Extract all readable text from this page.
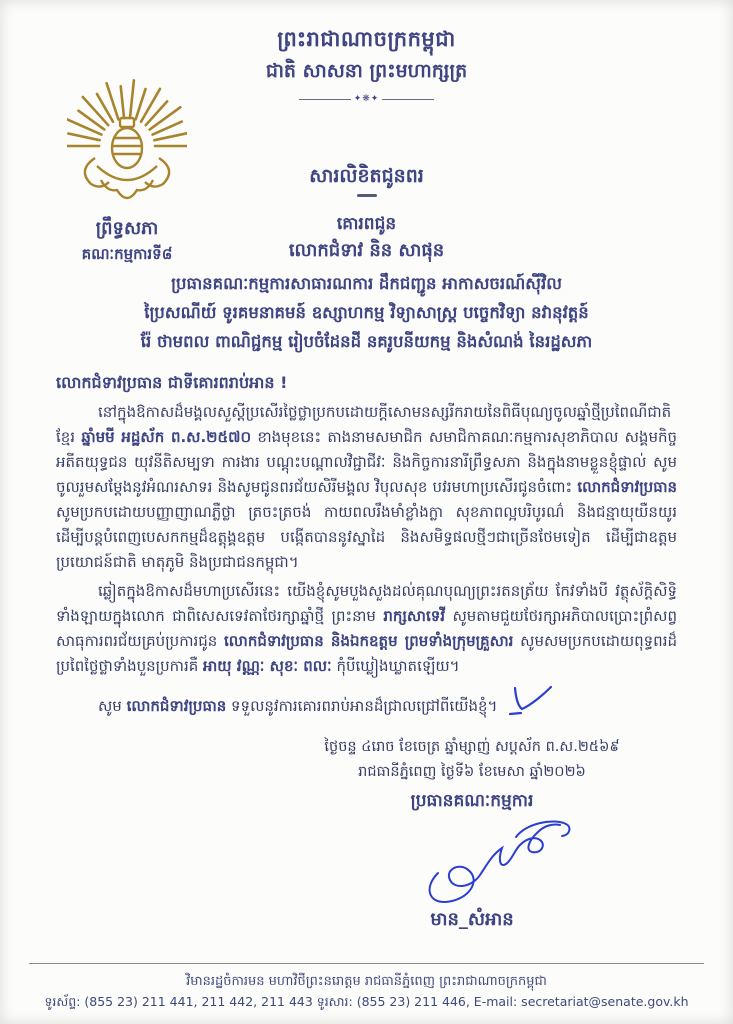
ព្រះរាជាណាចក្រកម្ពុជា
ជាតិ សាសនា ព្រះមហាក្សត្រ
✦❋✦
ព្រឹទ្ធសភា
គណៈកម្មការទី៨
សារលិខិតជូនពរ
គោរពជូន
លោកជំទាវ និន សាផុន
ប្រធានគណៈកម្មការសាធារណការ ដឹកជញ្ជូន អាកាសចរណ៍ស៊ីវិល
ប្រៃសណីយ៍ ទូរគមនាគមន៍ ឧស្សាហកម្ម វិទ្យាសាស្ត្រ បច្ចេកវិទ្យា នវានុវត្តន៍
រ៉ែ ថាមពល ពាណិជ្ជកម្ម រៀបចំដែនដី នគរូបនីយកម្ម និងសំណង់ នៃរដ្ឋសភា
លោកជំទាវប្រធាន ជាទីគោរពរាប់អាន !

នៅក្នុងឱកាសដ៏មង្គលសួស្ដីប្រសើរថ្លៃថ្លាប្រកបដោយក្ដីសោមនស្សរីករាយនៃពិធីបុណ្យចូលឆ្នាំថ្មីប្រពៃណីជាតិខ្មែរ ឆ្នាំមមី អដ្ឋស័ក ព.ស.២៥៧០ ខាងមុខនេះ តាងនាមសមាជិក សមាជិកាគណៈកម្មការសុខាភិបាល សង្គមកិច្ច អតីតយុទ្ធជន យុវនីតិសម្បទា ការងារ បណ្ដុះបណ្ដាលវិជ្ជាជីវៈ និងកិច្ចការនារីព្រឹទ្ធសភា និងក្នុងនាមខ្លួនខ្ញុំផ្ទាល់ សូមចូលរួមសម្ដែងនូវអំណរសាទរ និងសូមជូនពរជ័យសិរីមង្គល វិបុលសុខ បវរមហាប្រសើរជូនចំពោះ លោកជំទាវប្រធាន សូមប្រកបដោយបញ្ញាញាណភ្លឺថ្លា ត្រចះត្រចង់ កាយពលរឹងមាំខ្លាំងក្លា សុខភាពល្អបរិបូរណ៌ និងជន្មាយុយឺនយូរ ដើម្បីបន្តបំពេញបេសកកម្មដ៏ឧត្ដុង្គឧត្ដម បង្កើតបាននូវស្នាដៃ និងសមិទ្ធផលថ្មីៗជាច្រើនថែមទៀត ដើម្បីជាឧត្ដមប្រយោជន៍ជាតិ មាតុភូមិ និងប្រជាជនកម្ពុជា។

ឆ្លៀតក្នុងឱកាសដ៏មហាប្រសើរនេះ យើងខ្ញុំសូមបួងសួងដល់គុណបុណ្យព្រះរតនត្រ័យ កែវទាំងបី វត្ថុស័ក្ដិសិទ្ធិទាំងឡាយក្នុងលោក ជាពិសេសទេវតាថែរក្សាឆ្នាំថ្មី ព្រះនាម រាក្សសាទេវី សូមតាមជួយថែរក្សាអភិបាលប្រោះព្រំសព្វសាធុការពរជ័យគ្រប់ប្រការជូន លោកជំទាវប្រធាន និងឯកឧត្តម ព្រមទាំងក្រុមគ្រួសារ សូមសមប្រកបដោយពុទ្ធពរដ៏ប្រពៃថ្លៃថ្លាទាំងបួនប្រការគឺ អាយុ វណ្ណៈ សុខៈ ពលៈ កុំបីឃ្លៀងឃ្លាតឡើយ។

សូម លោកជំទាវប្រធាន ទទួលនូវការគោរពរាប់អានដ៏ជ្រាលជ្រៅពីយើងខ្ញុំ។

ថ្ងៃចន្ទ ៤រោច ខែចេត្រ ឆ្នាំម្សាញ់ សប្ដស័ក ព.ស.២៥៦៩
រាជធានីភ្នំពេញ ថ្ងៃទី៦ ខែមេសា ឆ្នាំ២០២៦
ប្រធានគណៈកម្មការ
មាន_សំអាន
វិមានរដ្ឋចំការមន មហាវិថីព្រះនរោត្តម រាជធានីភ្នំពេញ ព្រះរាជាណាចក្រកម្ពុជា
ទូរស័ព្ទ: (855 23) 211 441, 211 442, 211 443 ទូរសារ: (855 23) 211 446, E-mail: secretariat@senate.gov.kh
